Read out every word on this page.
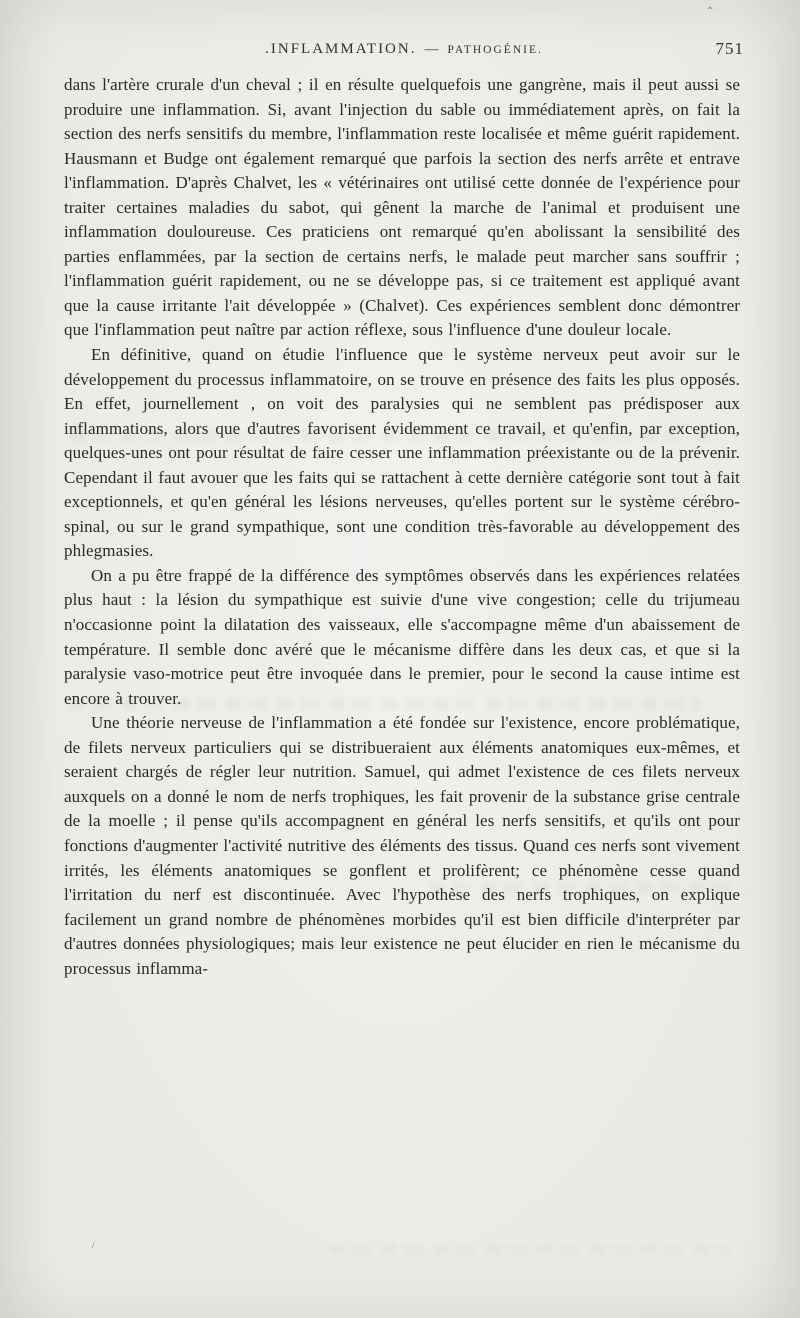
.INFLAMMATION. — PATHOGÉNIE.	751

dans l'artère crurale d'un cheval ; il en résulte quelquefois une gangrène, mais il peut aussi se produire une inflammation. Si, avant l'injection du sable ou immédiatement après, on fait la section des nerfs sensitifs du membre, l'inflammation reste localisée et même guérit rapidement. Hausmann et Budge ont également remarqué que parfois la section des nerfs arrête et entrave l'inflammation. D'après Chalvet, les « vétérinaires ont utilisé cette donnée de l'expérience pour traiter certaines maladies du sabot, qui gênent la marche de l'animal et produisent une inflammation douloureuse. Ces praticiens ont remarqué qu'en abolissant la sensibilité des parties enflammées, par la section de certains nerfs, le malade peut marcher sans souffrir ; l'inflammation guérit rapidement, ou ne se développe pas, si ce traitement est appliqué avant que la cause irritante l'ait développée » (Chalvet). Ces expériences semblent donc démontrer que l'inflammation peut naître par action réflexe, sous l'influence d'une douleur locale.

En définitive, quand on étudie l'influence que le système nerveux peut avoir sur le développement du processus inflammatoire, on se trouve en présence des faits les plus opposés. En effet, journellement , on voit des paralysies qui ne semblent pas prédisposer aux inflammations, alors que d'autres favorisent évidemment ce travail, et qu'enfin, par exception, quelques-unes ont pour résultat de faire cesser une inflammation préexistante ou de la prévenir. Cependant il faut avouer que les faits qui se rattachent à cette dernière catégorie sont tout à fait exceptionnels, et qu'en général les lésions nerveuses, qu'elles portent sur le système cérébro-spinal, ou sur le grand sympathique, sont une condition très-favorable au développement des phlegmasies.

On a pu être frappé de la différence des symptômes observés dans les expériences relatées plus haut : la lésion du sympathique est suivie d'une vive congestion; celle du trijumeau n'occasionne point la dilatation des vaisseaux, elle s'accompagne même d'un abaissement de température. Il semble donc avéré que le mécanisme diffère dans les deux cas, et que si la paralysie vaso-motrice peut être invoquée dans le premier, pour le second la cause intime est encore à trouver.

Une théorie nerveuse de l'inflammation a été fondée sur l'existence, encore problématique, de filets nerveux particuliers qui se distribueraient aux éléments anatomiques eux-mêmes, et seraient chargés de régler leur nutrition. Samuel, qui admet l'existence de ces filets nerveux auxquels on a donné le nom de nerfs trophiques, les fait provenir de la substance grise centrale de la moelle ; il pense qu'ils accompagnent en général les nerfs sensitifs, et qu'ils ont pour fonctions d'augmenter l'activité nutritive des éléments des tissus. Quand ces nerfs sont vivement irrités, les éléments anatomiques se gonflent et prolifèrent; ce phénomène cesse quand l'irritation du nerf est discontinuée. Avec l'hypothèse des nerfs trophiques, on explique facilement un grand nombre de phénomènes morbides qu'il est bien difficile d'interpréter par d'autres données physiologiques; mais leur existence ne peut élucider en rien le mécanisme du processus inflamma-

⌃
/
